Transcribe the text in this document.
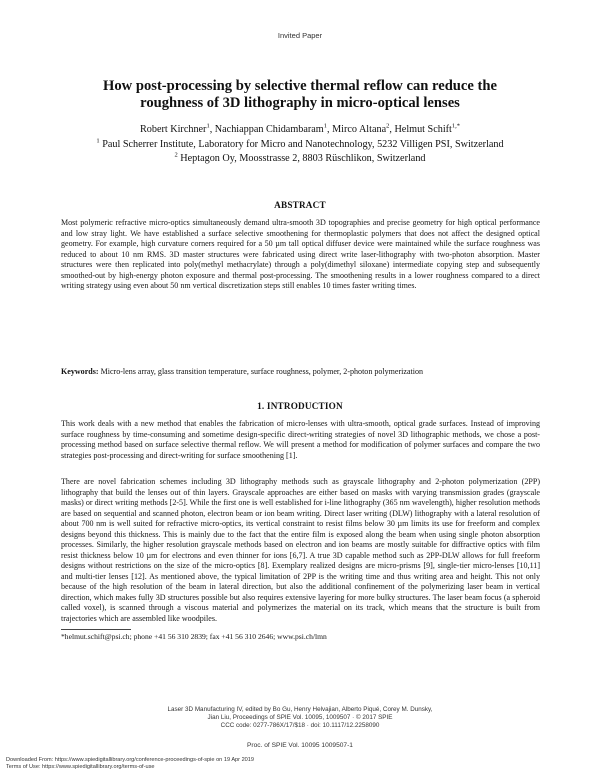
Invited Paper
How post-processing by selective thermal reflow can reduce the
roughness of 3D lithography in micro-optical lenses
Robert Kirchner$^1$, Nachiappan Chidambaram$^1$, Mirco Altana$^2$, Helmut Schift$^{1,*}$
$^1$ Paul Scherrer Institute, Laboratory for Micro and Nanotechnology, 5232 Villigen PSI, Switzerland
$^2$ Heptagon Oy, Moosstrasse 2, 8803 Rüschlikon, Switzerland
ABSTRACT
Most polymeric refractive micro-optics simultaneously demand ultra-smooth 3D topographies and precise geometry for high optical performance and low stray light. We have established a surface selective smoothening for thermoplastic polymers that does not affect the designed optical geometry. For example, high curvature corners required for a 50 µm tall optical diffuser device were maintained while the surface roughness was reduced to about 10 nm RMS. 3D master structures were fabricated using direct write laser-lithography with two-photon absorption. Master structures were then replicated into poly(methyl methacrylate) through a poly(dimethyl siloxane) intermediate copying step and subsequently smoothed-out by high-energy photon exposure and thermal post-processing. The smoothening results in a lower roughness compared to a direct writing strategy using even about 50 nm vertical discretization steps still enables 10 times faster writing times.
Keywords: Micro-lens array, glass transition temperature, surface roughness, polymer, 2-photon polymerization
1. INTRODUCTION
This work deals with a new method that enables the fabrication of micro-lenses with ultra-smooth, optical grade surfaces. Instead of improving surface roughness by time-consuming and sometime design-specific direct-writing strategies of novel 3D lithographic methods, we chose a post-processing method based on surface selective thermal reflow. We will present a method for modification of polymer surfaces and compare the two strategies post-processing and direct-writing for surface smoothening [1].
There are novel fabrication schemes including 3D lithography methods such as grayscale lithography and 2-photon polymerization (2PP) lithography that build the lenses out of thin layers. Grayscale approaches are either based on masks with varying transmission grades (grayscale masks) or direct writing methods [2-5]. While the first one is well established for i-line lithography (365 nm wavelength), higher resolution methods are based on sequential and scanned photon, electron beam or ion beam writing. Direct laser writing (DLW) lithography with a lateral resolution of about 700 nm is well suited for refractive micro-optics, its vertical constraint to resist films below 30 µm limits its use for freeform and complex designs beyond this thickness. This is mainly due to the fact that the entire film is exposed along the beam when using single photon absorption processes. Similarly, the higher resolution grayscale methods based on electron and ion beams are mostly suitable for diffractive optics with film resist thickness below 10 µm for electrons and even thinner for ions [6,7]. A true 3D capable method such as 2PP-DLW allows for full freeform designs without restrictions on the size of the micro-optics [8]. Exemplary realized designs are micro-prisms [9], single-tier micro-lenses [10,11] and multi-tier lenses [12]. As mentioned above, the typical limitation of 2PP is the writing time and thus writing area and height. This not only because of the high resolution of the beam in lateral direction, but also the additional confinement of the polymerizing laser beam in vertical direction, which makes fully 3D structures possible but also requires extensive layering for more bulky structures. The laser beam focus (a spheroid called voxel), is scanned through a viscous material and polymerizes the material on its track, which means that the structure is built from trajectories which are assembled like woodpiles.
*helmut.schift@psi.ch; phone +41 56 310 2839; fax +41 56 310 2646; www.psi.ch/lmn
Laser 3D Manufacturing IV, edited by Bo Gu, Henry Helvajian, Alberto Piqué, Corey M. Dunsky,
Jian Liu, Proceedings of SPIE Vol. 10095, 1009507 · © 2017 SPIE
CCC code: 0277-786X/17/$18 · doi: 10.1117/12.2258090
Proc. of SPIE Vol. 10095 1009507-1
Downloaded From: https://www.spiedigitallibrary.org/conference-proceedings-of-spie on 19 Apr 2019
Terms of Use: https://www.spiedigitallibrary.org/terms-of-use
